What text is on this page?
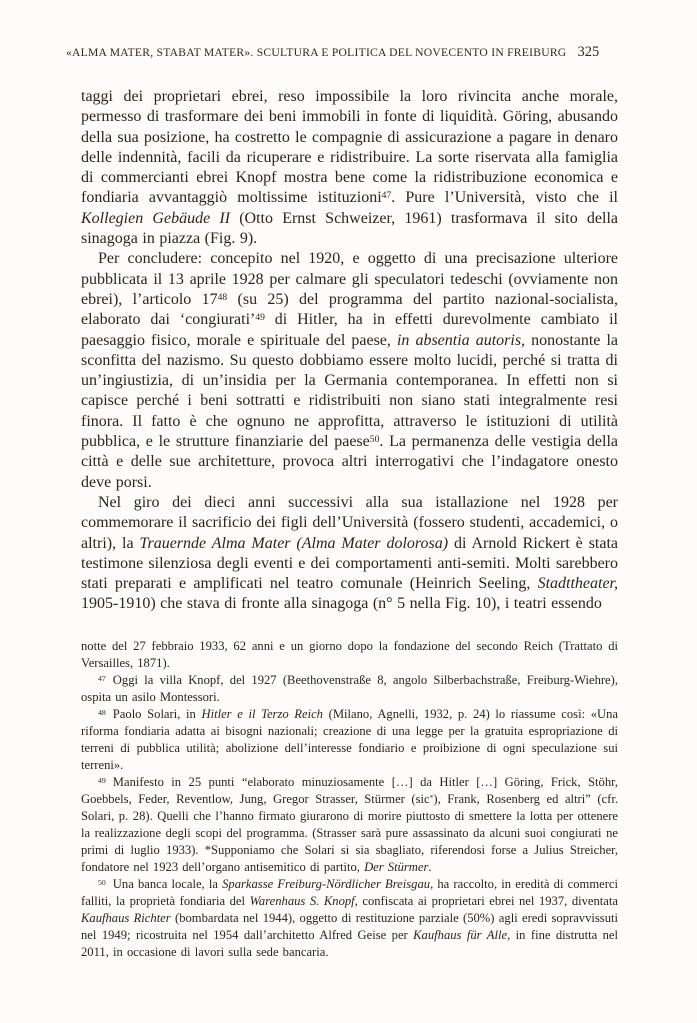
«ALMA MATER, STABAT MATER». SCULTURA E POLITICA DEL NOVECENTO IN FREIBURG 325

taggi dei proprietari ebrei, reso impossibile la loro rivincita anche morale, permesso di trasformare dei beni immobili in fonte di liquidità. Göring, abusando della sua posizione, ha costretto le compagnie di assicurazione a pagare in denaro delle indennità, facili da ricuperare e ridistribuire. La sorte riservata alla famiglia di commercianti ebrei Knopf mostra bene come la ridistribuzione economica e fondiaria avvantaggiò moltissime istituzioni$^{47}$. Pure l’Università, visto che il Kollegien Gebäude II (Otto Ernst Schweizer, 1961) trasformava il sito della sinagoga in piazza (Fig. 9).

Per concludere: concepito nel 1920, e oggetto di una precisazione ulteriore pubblicata il 13 aprile 1928 per calmare gli speculatori tedeschi (ovviamente non ebrei), l’articolo $17^{48}$ (su 25) del programma del partito nazional-socialista, elaborato dai ‘congiurati’$^{49}$ di Hitler, ha in effetti durevolmente cambiato il paesaggio fisico, morale e spirituale del paese, in absentia autoris, nonostante la sconfitta del nazismo. Su questo dobbiamo essere molto lucidi, perché si tratta di un’ingiustizia, di un’insidia per la Germania contemporanea. In effetti non si capisce perché i beni sottratti e ridistribuiti non siano stati integralmente resi finora. Il fatto è che ognuno ne approfitta, attraverso le istituzioni di utilità pubblica, e le strutture finanziarie del paese$^{50}$. La permanenza delle vestigia della città e delle sue architetture, provoca altri interrogativi che l’indagatore onesto deve porsi.

Nel giro dei dieci anni successivi alla sua istallazione nel 1928 per commemorare il sacrificio dei figli dell’Università (fossero studenti, accademici, o altri), la Trauernde Alma Mater (Alma Mater dolorosa) di Arnold Rickert è stata testimone silenziosa degli eventi e dei comportamenti anti-semiti. Molti sarebbero stati preparati e amplificati nel teatro comunale (Heinrich Seeling, Stadttheater, 1905-1910) che stava di fronte alla sinagoga (n° 5 nella Fig. 10), i teatri essendo

notte del 27 febbraio 1933, 62 anni e un giorno dopo la fondazione del secondo Reich (Trattato di Versailles, 1871).

$^{47}$ Oggi la villa Knopf, del 1927 (Beethovenstraße 8, angolo Silberbachstraße, Freiburg-Wiehre), ospita un asilo Montessori.

$^{48}$ Paolo Solari, in Hitler e il Terzo Reich (Milano, Agnelli, 1932, p. 24) lo riassume così: «Una riforma fondiaria adatta ai bisogni nazionali; creazione di una legge per la gratuita espropriazione di terreni di pubblica utilità; abolizione dell’interesse fondiario e proibizione di ogni speculazione sui terreni».

$^{49}$ Manifesto in 25 punti “elaborato minuziosamente […] da Hitler […] Göring, Frick, Stöhr, Goebbels, Feder, Reventlow, Jung, Gregor Strasser, Stürmer (sic*), Frank, Rosenberg ed altri” (cfr. Solari, p. 28). Quelli che l’hanno firmato giurarono di morire piuttosto di smettere la lotta per ottenere la realizzazione degli scopi del programma. (Strasser sarà pure assassinato da alcuni suoi congiurati ne primi di luglio 1933). *Supponiamo che Solari si sia sbagliato, riferendosi forse a Julius Streicher, fondatore nel 1923 dell’organo antisemitico di partito, Der Stürmer.

$^{50}$ Una banca locale, la Sparkasse Freiburg-Nördlicher Breisgau, ha raccolto, in eredità di commerci falliti, la proprietà fondiaria del Warenhaus S. Knopf, confiscata ai proprietari ebrei nel 1937, diventata Kaufhaus Richter (bombardata nel 1944), oggetto di restituzione parziale (50%) agli eredi sopravvissuti nel 1949; ricostruita nel 1954 dall’architetto Alfred Geise per Kaufhaus für Alle, in fine distrutta nel 2011, in occasione di lavori sulla sede bancaria.
